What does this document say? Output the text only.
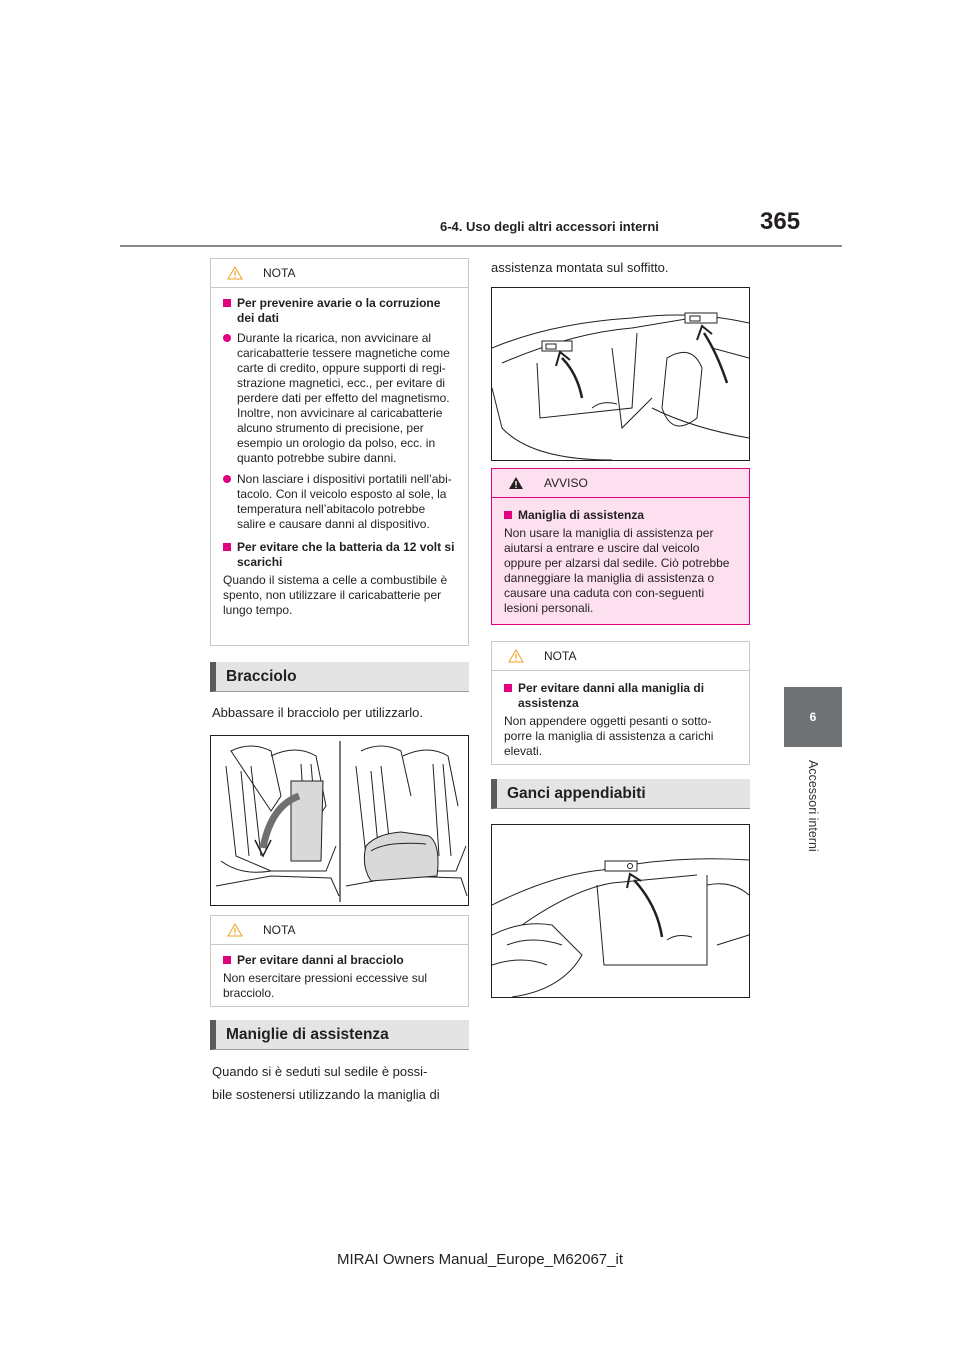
6-4. Uso degli altri accessori interni	365
6
Accessori interni
NOTA
Per prevenire avarie o la corruzione dei dati
Durante la ricarica, non avvicinare al caricabatterie tessere magnetiche come carte di credito, oppure supporti di regi-strazione magnetici, ecc., per evitare di perdere dati per effetto del magnetismo. Inoltre, non avvicinare al caricabatterie alcuno strumento di precisione, per esempio un orologio da polso, ecc. in quanto potrebbe subire danni.
Non lasciare i dispositivi portatili nell’abi-tacolo. Con il veicolo esposto al sole, la temperatura nell’abitacolo potrebbe salire e causare danni al dispositivo.
Per evitare che la batteria da 12 volt si scarichi
Quando il sistema a celle a combustibile è spento, non utilizzare il caricabatterie per lungo tempo.
Bracciolo
Abbassare il bracciolo per utilizzarlo.
NOTA
Per evitare danni al bracciolo
Non esercitare pressioni eccessive sul bracciolo.
Maniglie di assistenza
Quando si è seduti sul sedile è possi-
bile sostenersi utilizzando la maniglia di
assistenza montata sul soffitto.
AVVISO
Maniglia di assistenza
Non usare la maniglia di assistenza per aiutarsi a entrare e uscire dal veicolo oppure per alzarsi dal sedile. Ciò potrebbe danneggiare la maniglia di assistenza o causare una caduta con con-seguenti lesioni personali.
NOTA
Per evitare danni alla maniglia di assistenza
Non appendere oggetti pesanti o sotto-porre la maniglia di assistenza a carichi elevati.
Ganci appendiabiti
MIRAI Owners Manual_Europe_M62067_it
